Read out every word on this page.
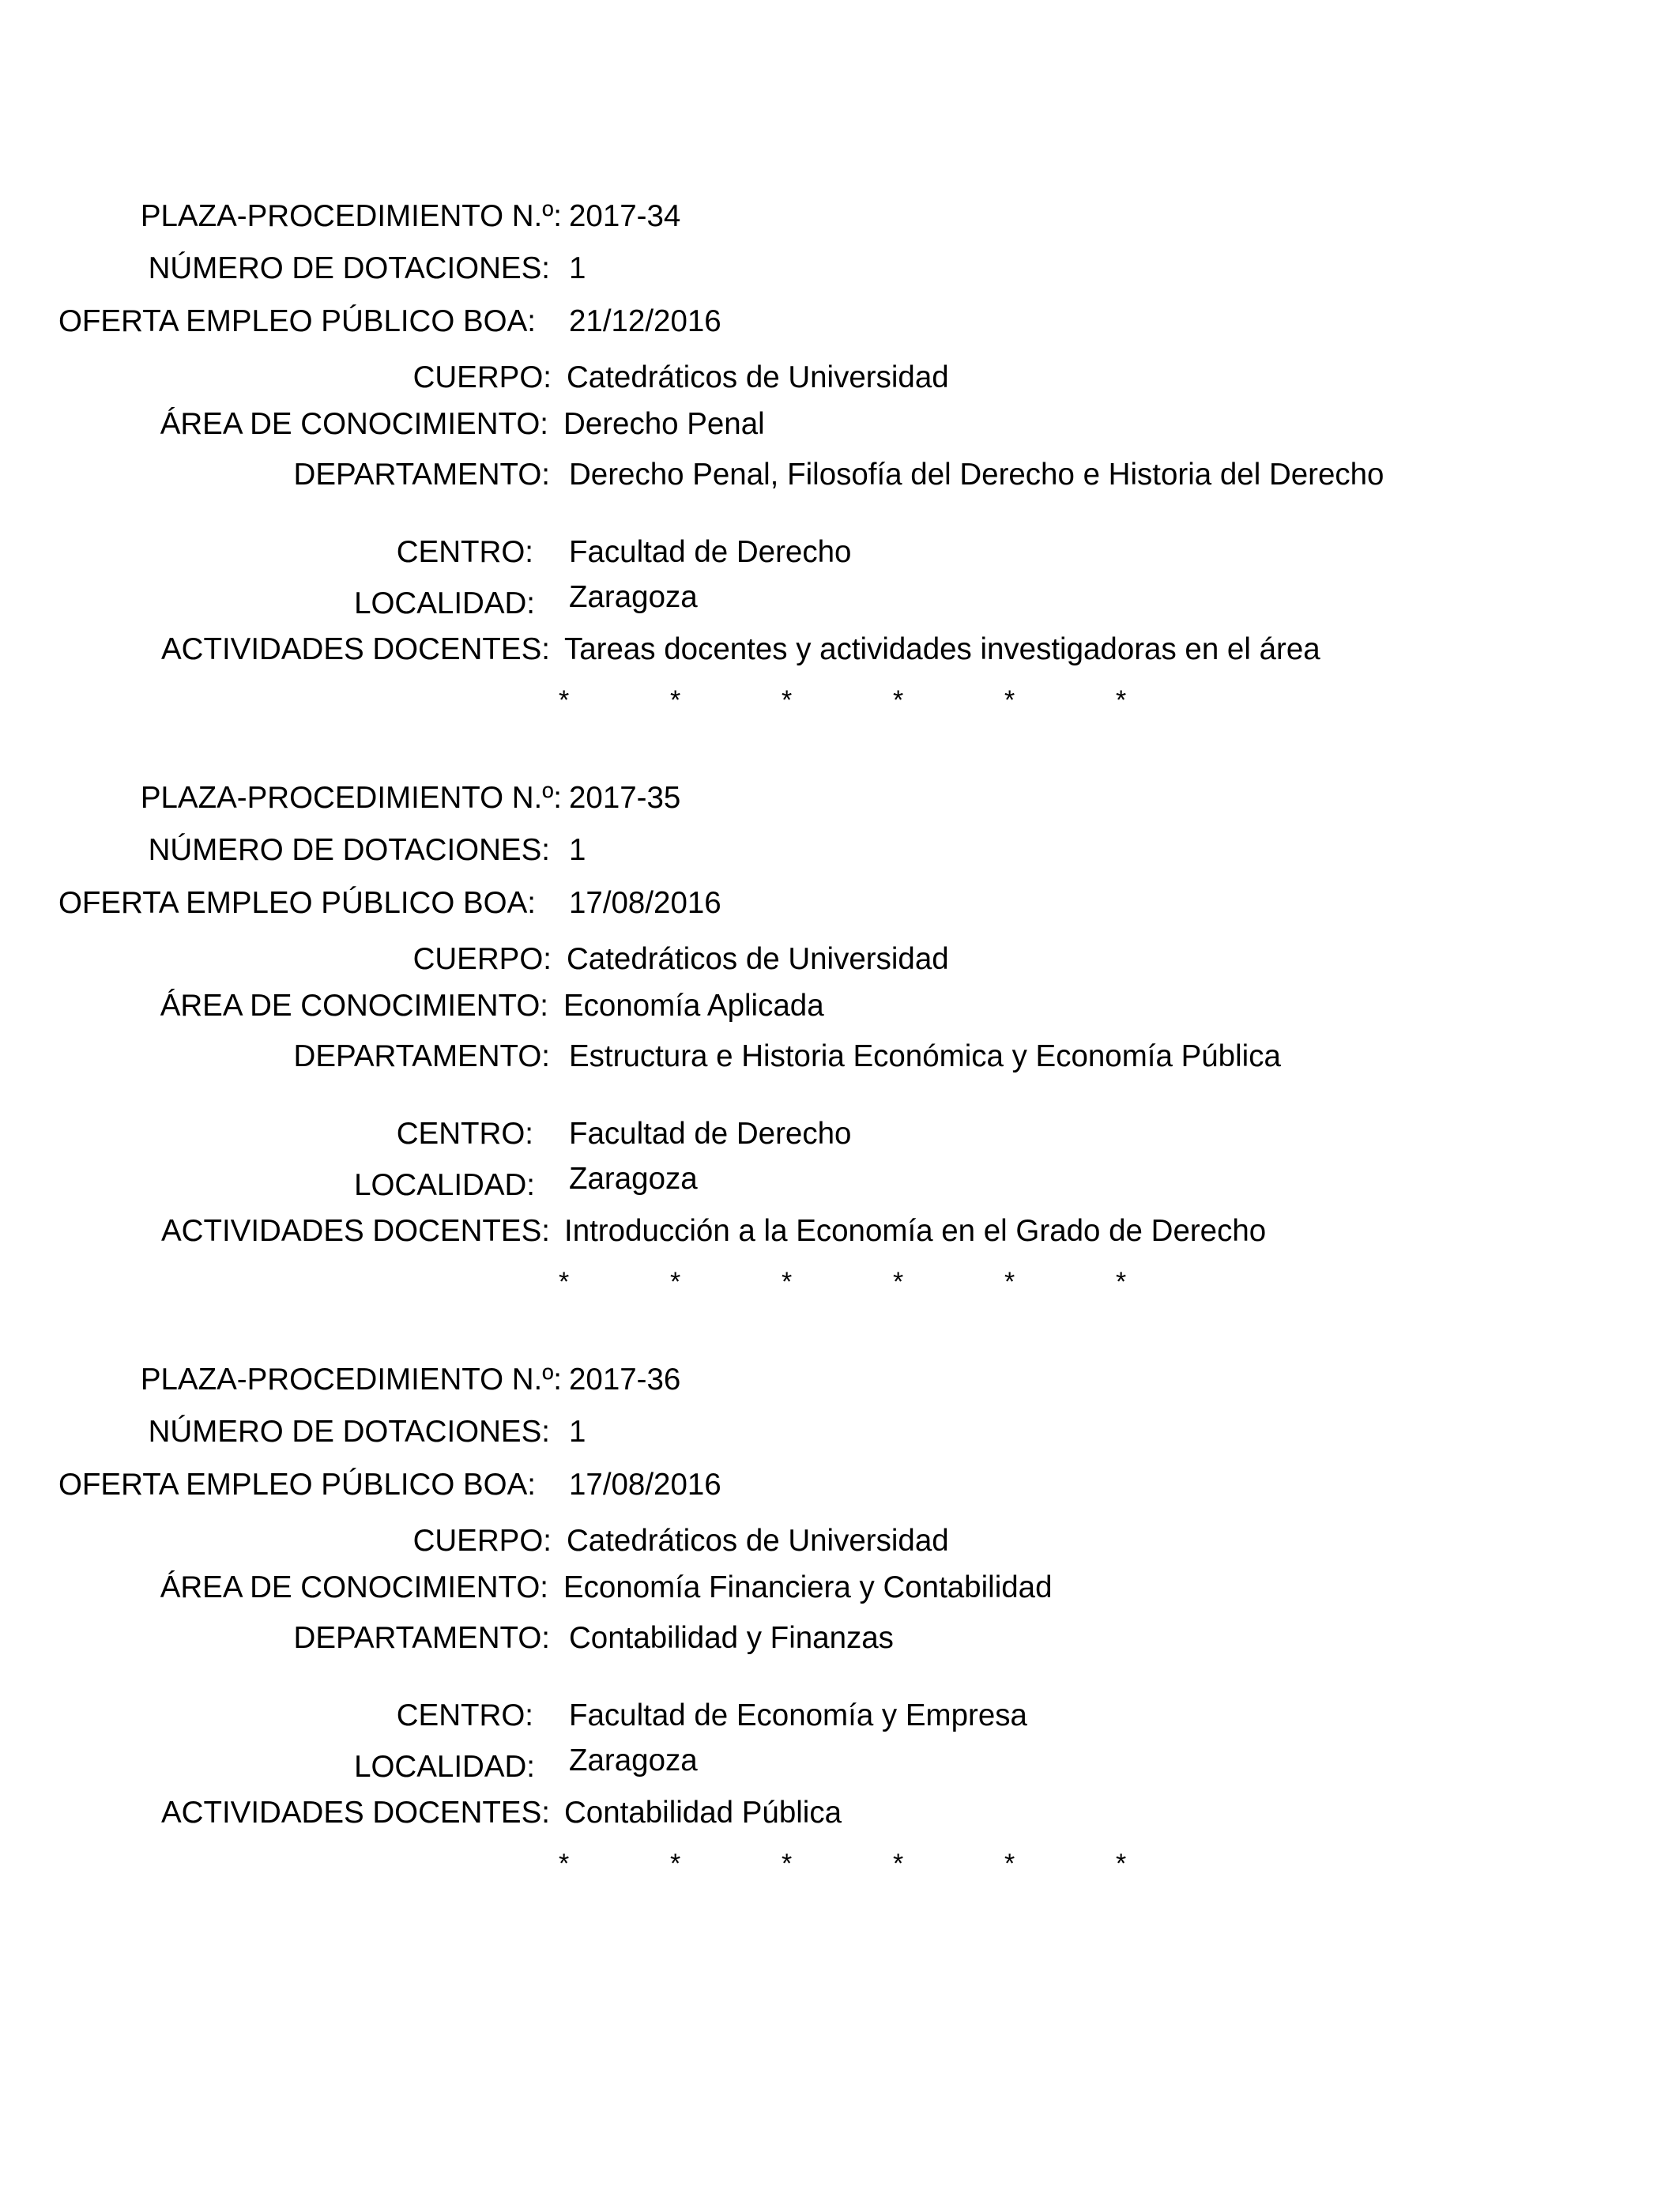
PLAZA-PROCEDIMIENTO N.º: 2017-34
NÚMERO DE DOTACIONES: 1
OFERTA EMPLEO PÚBLICO BOA: 21/12/2016
CUERPO: Catedráticos de Universidad
ÁREA DE CONOCIMIENTO: Derecho Penal
DEPARTAMENTO: Derecho Penal, Filosofía del Derecho e Historia del Derecho
CENTRO: Facultad de Derecho
LOCALIDAD: Zaragoza
ACTIVIDADES DOCENTES: Tareas docentes y actividades investigadoras en el área
*	*	*	*	*	*
PLAZA-PROCEDIMIENTO N.º: 2017-35
NÚMERO DE DOTACIONES: 1
OFERTA EMPLEO PÚBLICO BOA: 17/08/2016
CUERPO: Catedráticos de Universidad
ÁREA DE CONOCIMIENTO: Economía Aplicada
DEPARTAMENTO: Estructura e Historia Económica y Economía Pública
CENTRO: Facultad de Derecho
LOCALIDAD: Zaragoza
ACTIVIDADES DOCENTES: Introducción a la Economía en el Grado de Derecho
*	*	*	*	*	*
PLAZA-PROCEDIMIENTO N.º: 2017-36
NÚMERO DE DOTACIONES: 1
OFERTA EMPLEO PÚBLICO BOA: 17/08/2016
CUERPO: Catedráticos de Universidad
ÁREA DE CONOCIMIENTO: Economía Financiera y Contabilidad
DEPARTAMENTO: Contabilidad y Finanzas
CENTRO: Facultad de Economía y Empresa
LOCALIDAD: Zaragoza
ACTIVIDADES DOCENTES: Contabilidad Pública
*	*	*	*	*	*
